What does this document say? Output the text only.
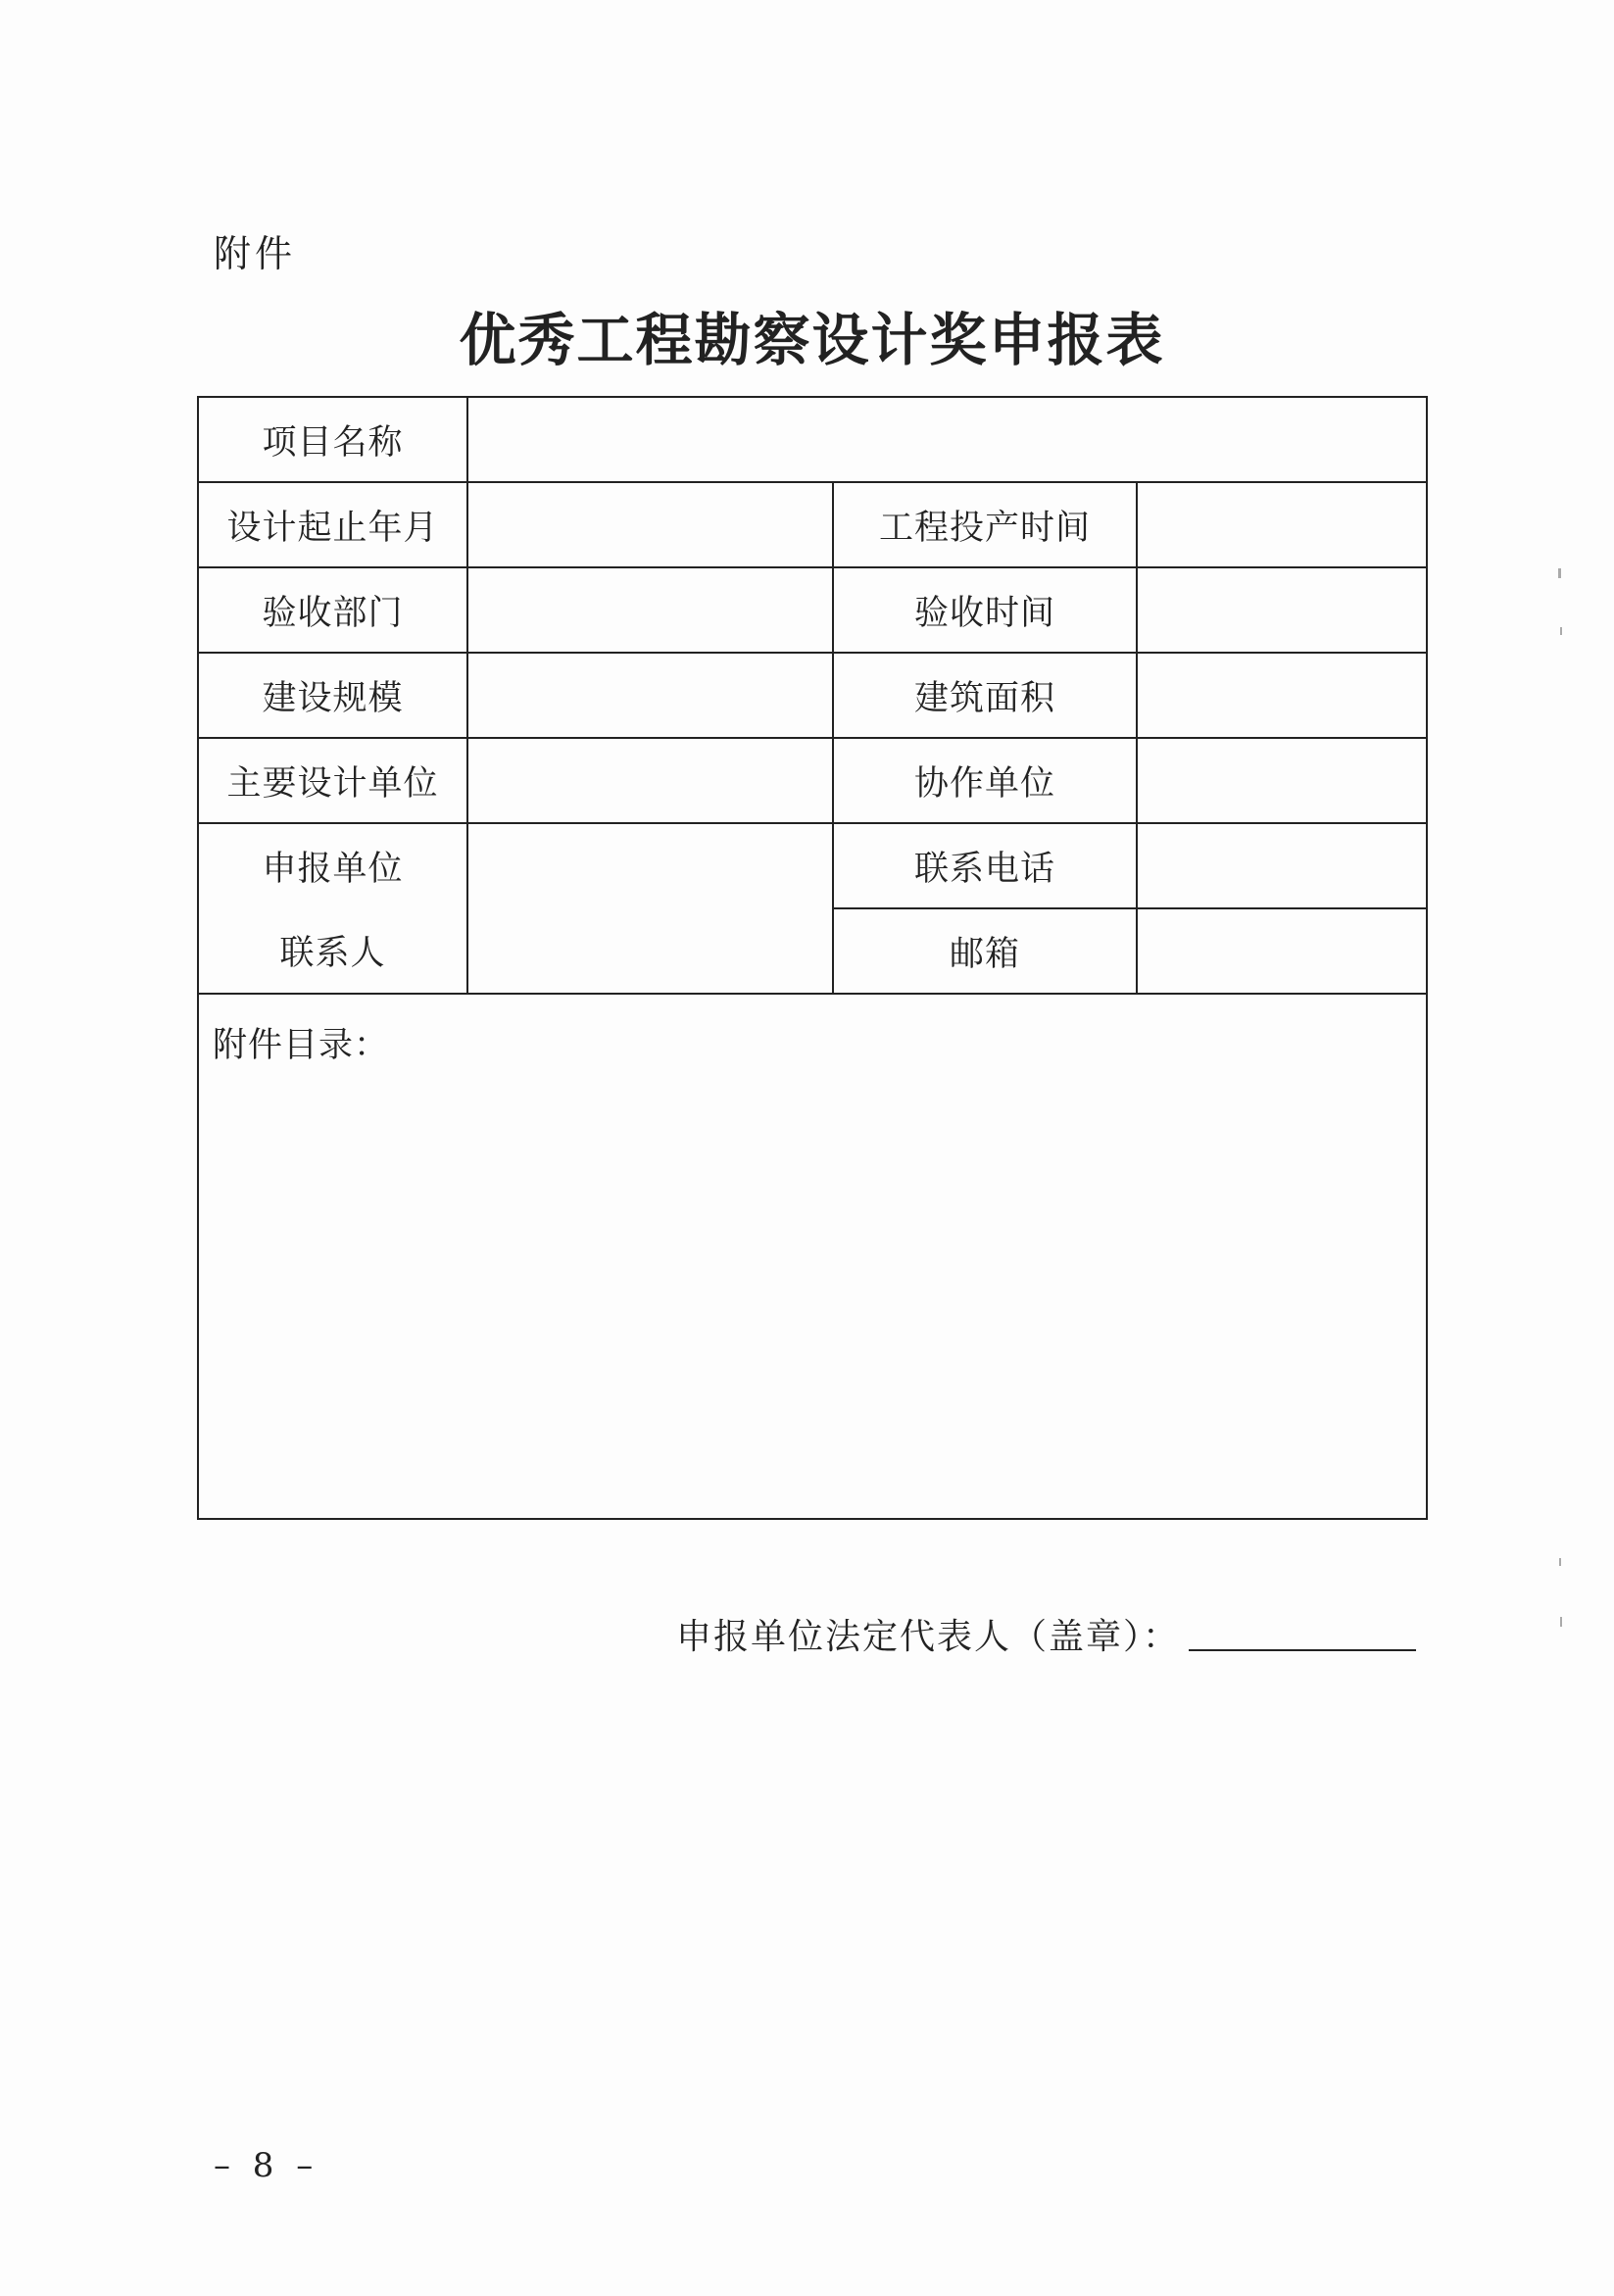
附件
优秀工程勘察设计奖申报表
项目名称			
设计起止年月		工程投产时间	
验收部门		验收时间	
建设规模		建筑面积	
主要设计单位		协作单位	
申报单位		联系电话	
联系人		邮箱	
附件目录：			
申报单位法定代表人（盖章）：
– 8 –
